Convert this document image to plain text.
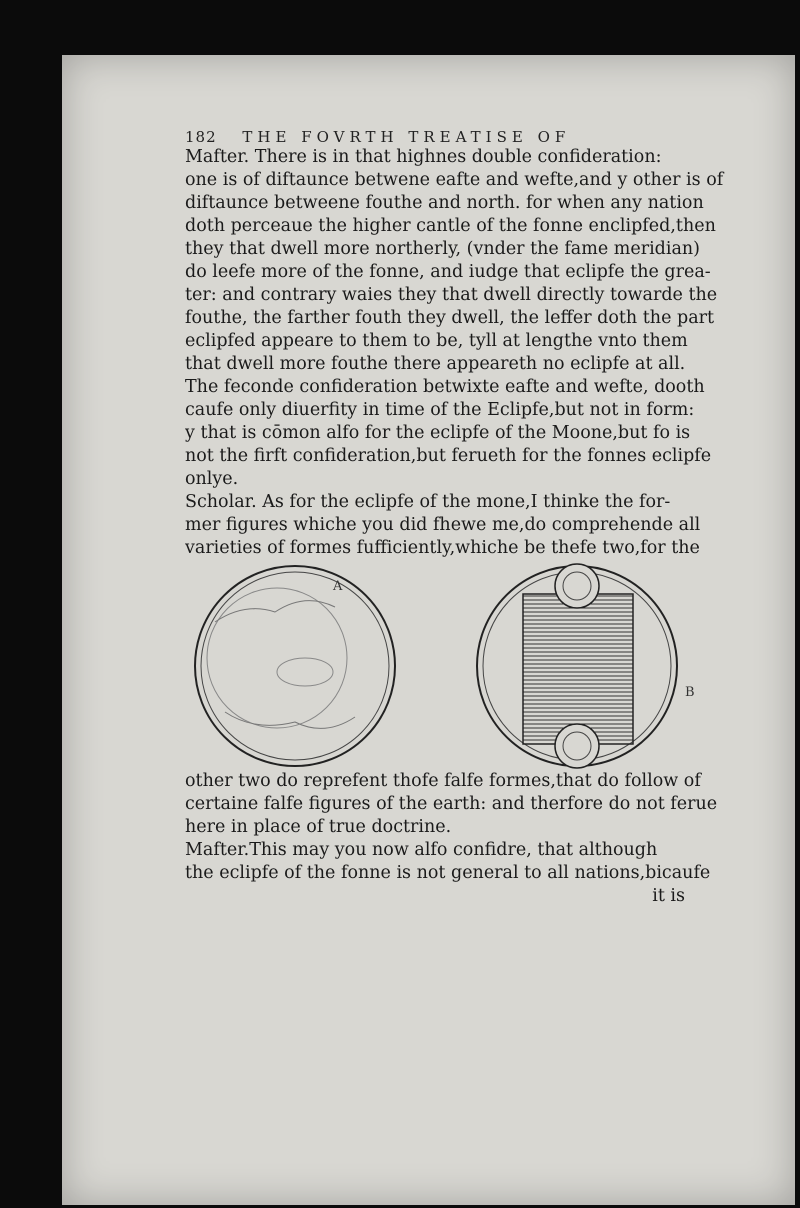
182 THE FOVRTH TREATISE OF
Mafter. There is in that highnes double confideration:
one is of diftaunce betwene eafte and wefte,and y other is of
diftaunce betweene fouthe and north. for when any nation
doth perceaue the higher cantle of the fonne enclipfed,then
they that dwell more northerly, (vnder the fame meridian)
do leefe more of the fonne, and iudge that eclipfe the grea-
ter: and contrary waies they that dwell directly towarde the
fouthe, the farther fouth they dwell, the leffer doth the part
eclipfed appeare to them to be, tyll at lengthe vnto them
that dwell more fouthe there appeareth no eclipfe at all.
The feconde confideration betwixte eafte and wefte, dooth
caufe only diuerfity in time of the Eclipfe,but not in form:
y that is cōmon alfo for the eclipfe of the Moone,but fo is
not the firft confideration,but ferueth for the fonnes eclipfe
onlye.
Scholar. As for the eclipfe of the mone,I thinke the for-
mer figures whiche you did fhewe me,do comprehende all
varieties of formes fufficiently,whiche be thefe two,for the
A
B
other two do reprefent thofe falfe formes,that do follow of
certaine falfe figures of the earth: and therfore do not ferue
here in place of true doctrine.
Mafter.This may you now alfo confidre, that although
the eclipfe of the fonne is not general to all nations,bicaufe
it is
